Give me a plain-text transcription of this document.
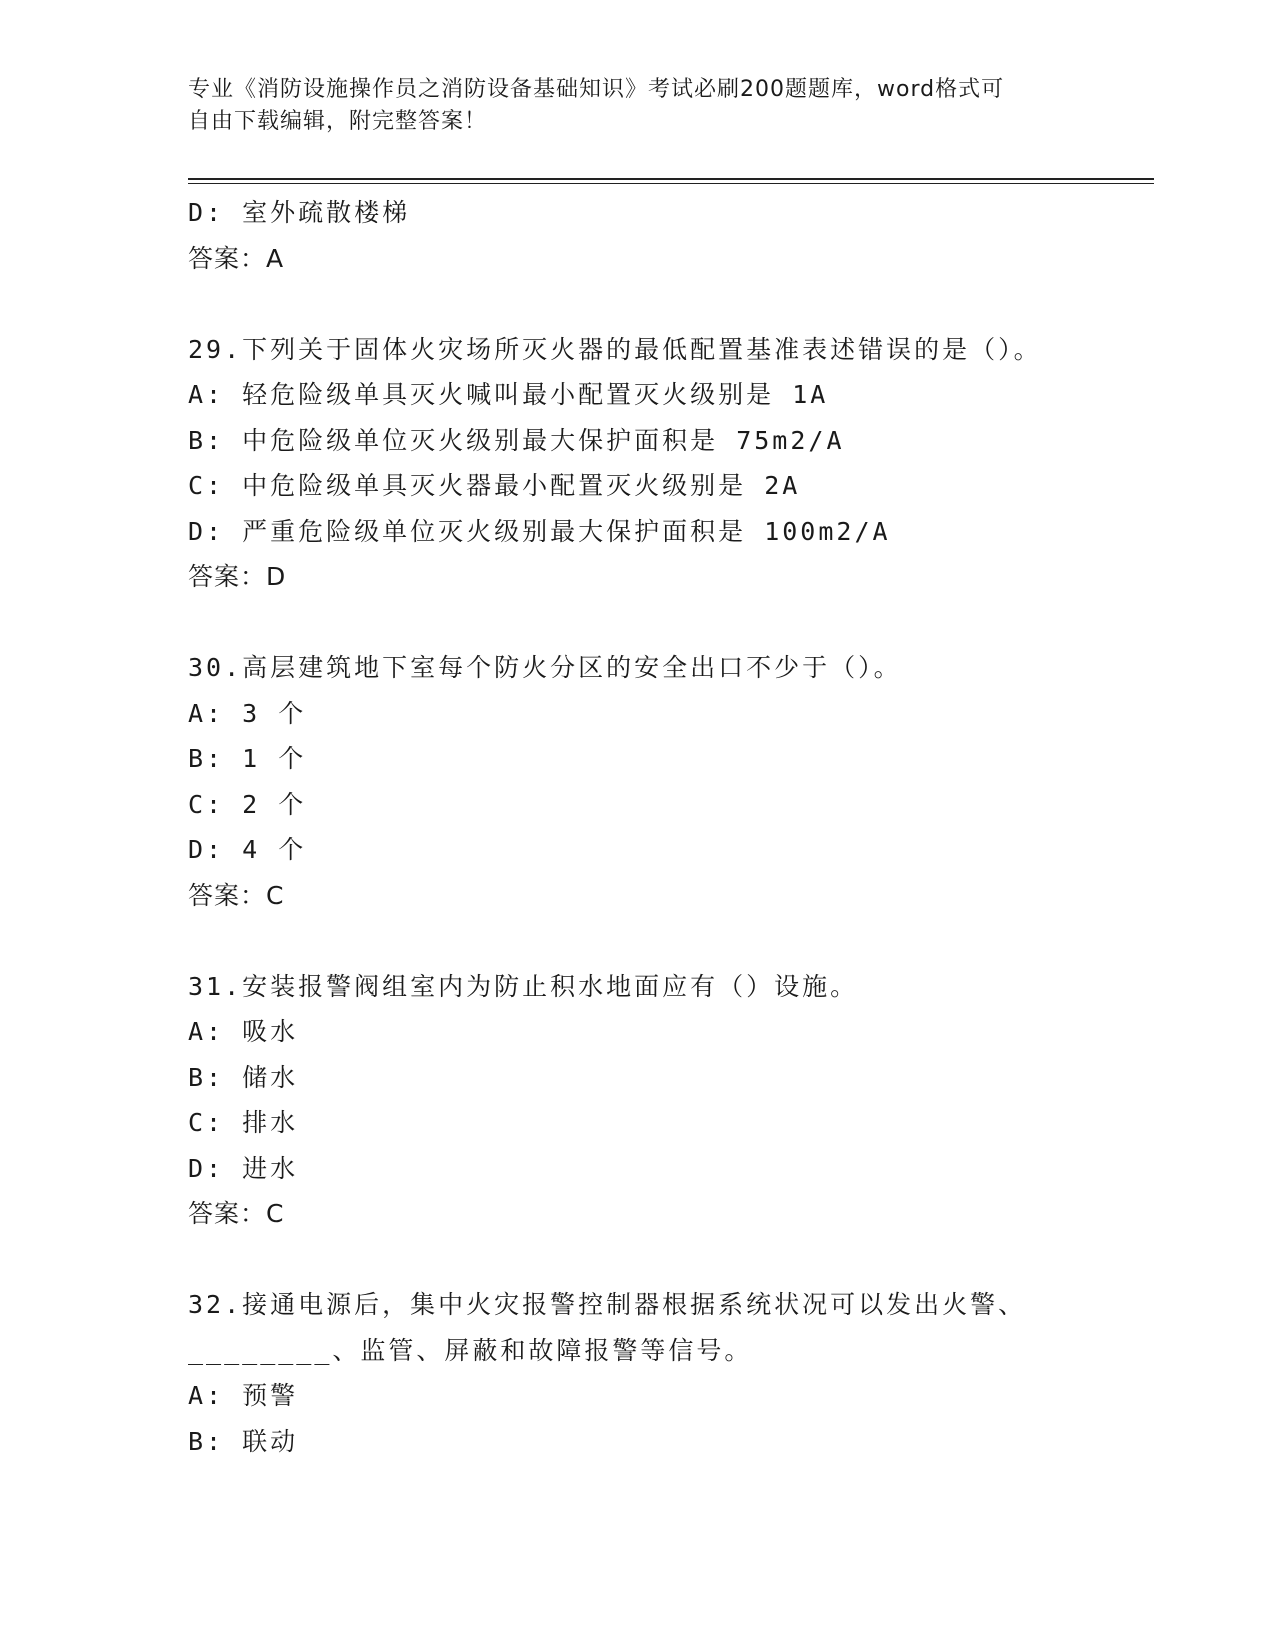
专业《消防设施操作员之消防设备基础知识》考试必刷200题题库，word格式可
自由下载编辑，附完整答案！
D: 室外疏散楼梯
答案：A
29.下列关于固体火灾场所灭火器的最低配置基准表述错误的是（）。
A: 轻危险级单具灭火喊叫最小配置灭火级别是 1A
B: 中危险级单位灭火级别最大保护面积是 75m2/A
C: 中危险级单具灭火器最小配置灭火级别是 2A
D: 严重危险级单位灭火级别最大保护面积是 100m2/A
答案：D
30.高层建筑地下室每个防火分区的安全出口不少于（）。
A: 3 个
B: 1 个
C: 2 个
D: 4 个
答案：C
31.安装报警阀组室内为防止积水地面应有（）设施。
A: 吸水
B: 储水
C: 排水
D: 进水
答案：C
32.接通电源后，集中火灾报警控制器根据系统状况可以发出火警、
________、监管、屏蔽和故障报警等信号。
A: 预警
B: 联动
